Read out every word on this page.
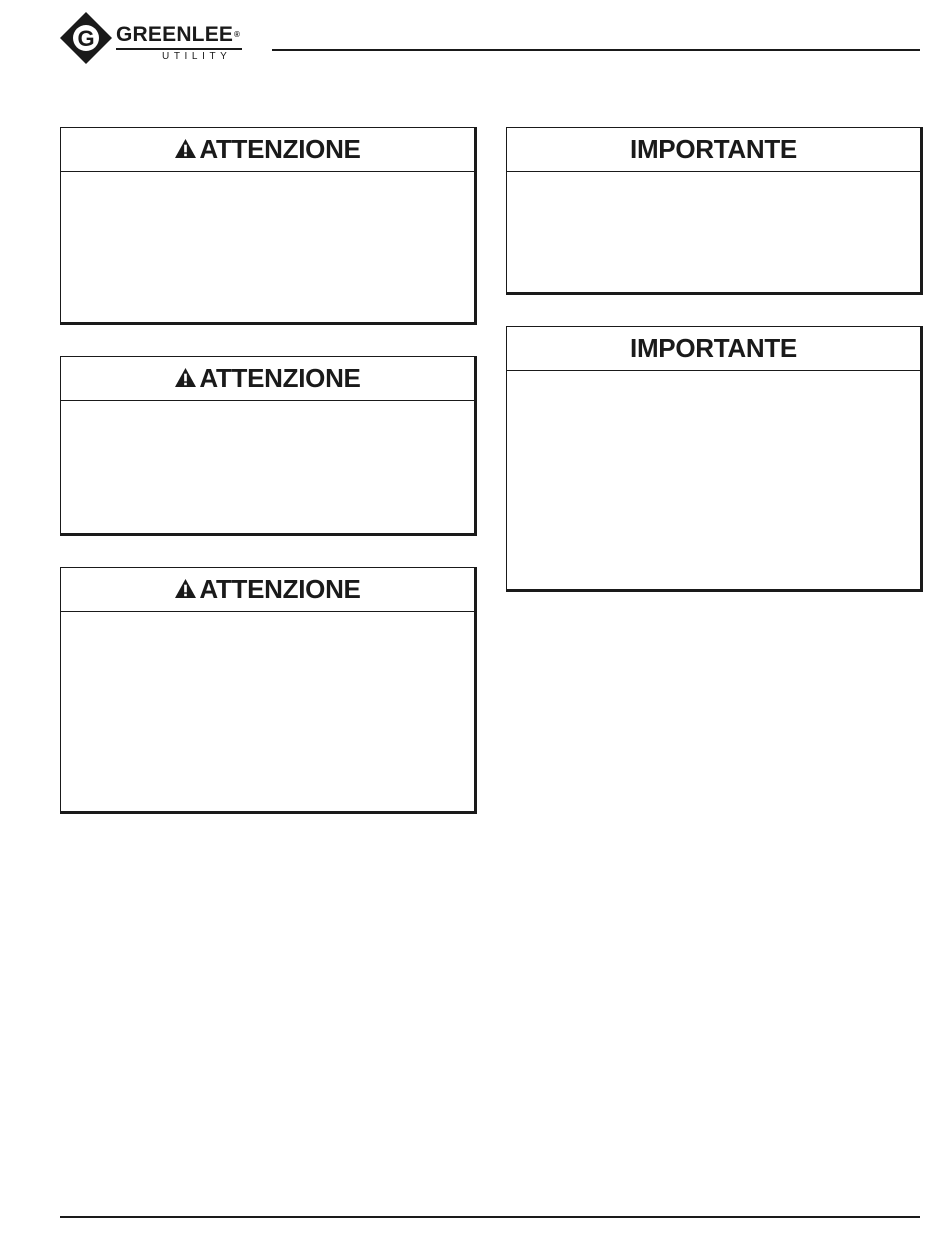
G GREENLEE ®
UTILITY
ATTENZIONE
ATTENZIONE
ATTENZIONE
IMPORTANTE
IMPORTANTE
